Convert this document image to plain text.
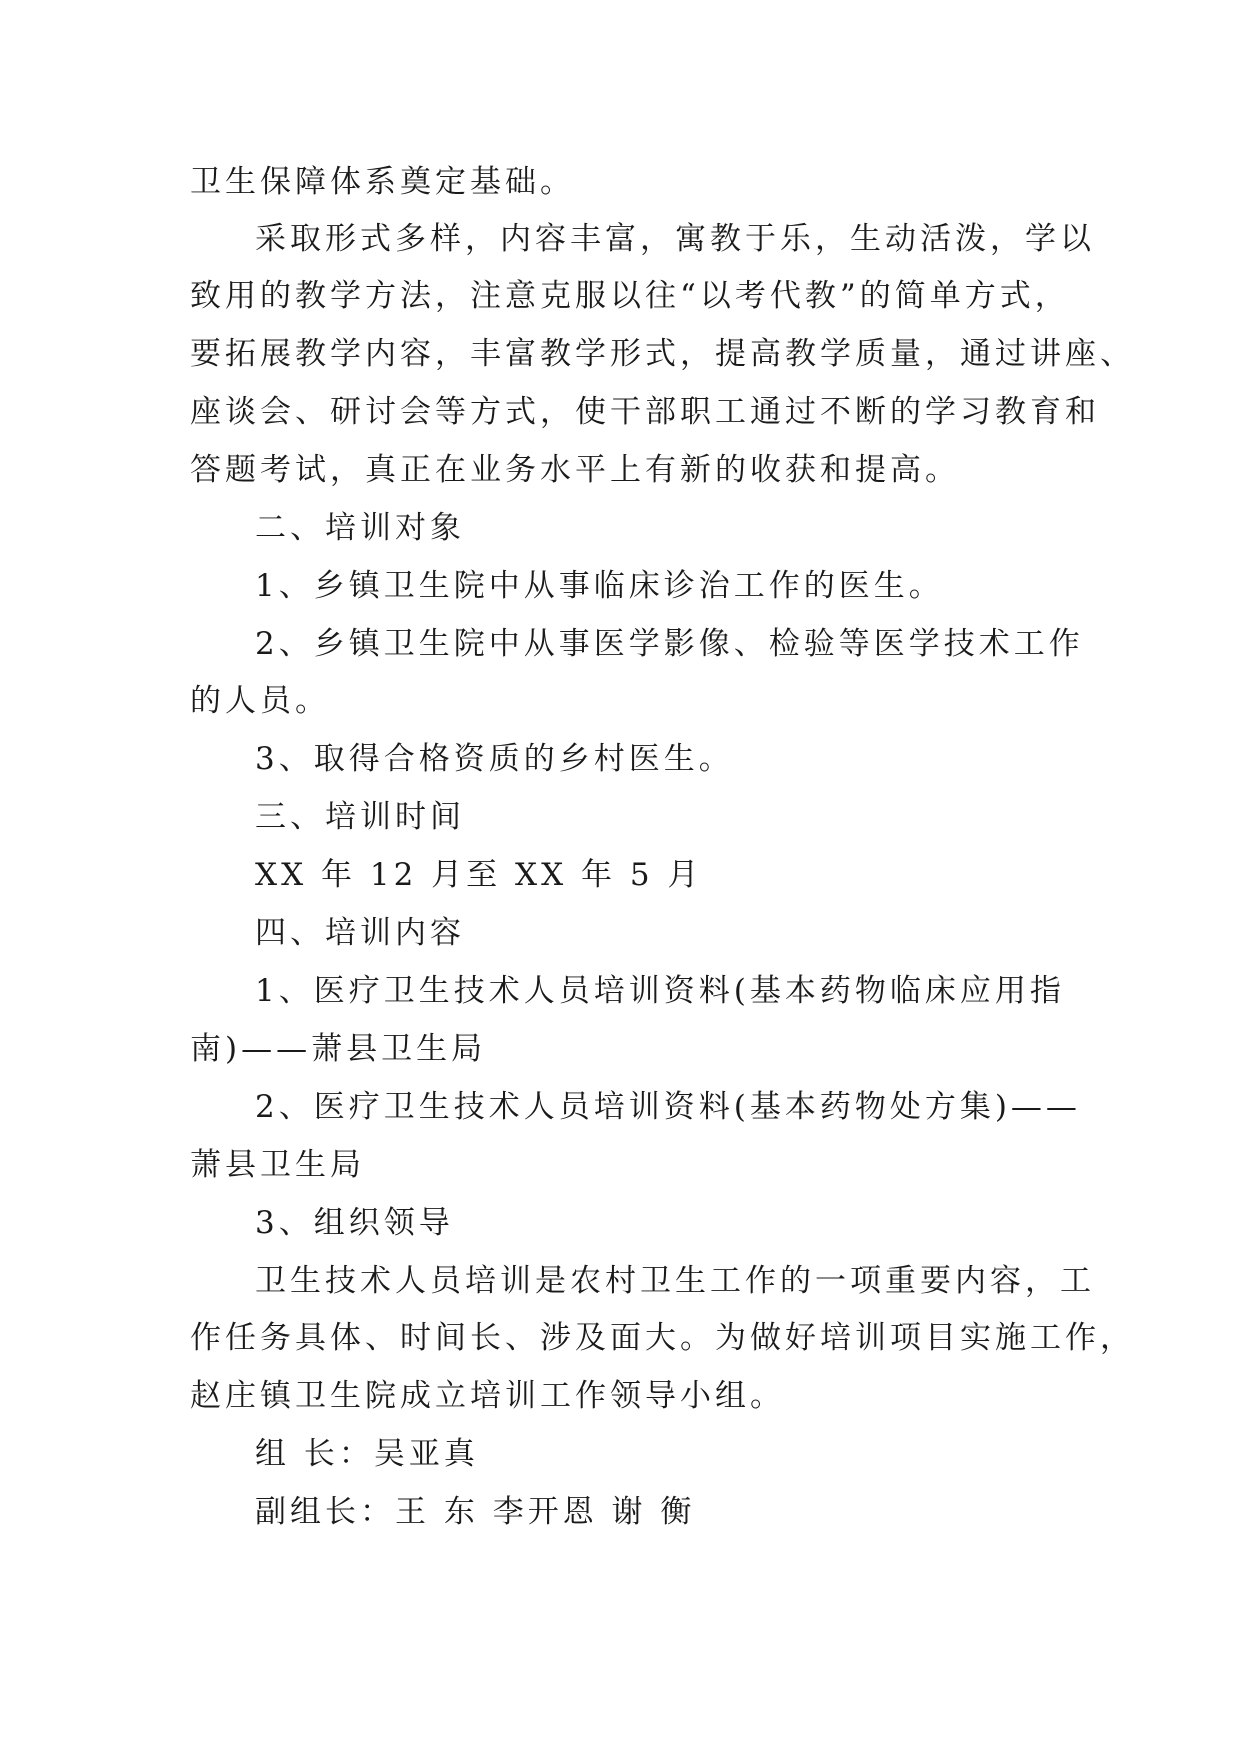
卫生保障体系奠定基础。
采取形式多样，内容丰富，寓教于乐，生动活泼，学以
致用的教学方法，注意克服以往“以考代教”的简单方式，
要拓展教学内容，丰富教学形式，提高教学质量，通过讲座、
座谈会、研讨会等方式，使干部职工通过不断的学习教育和
答题考试，真正在业务水平上有新的收获和提高。
二、培训对象
1、乡镇卫生院中从事临床诊治工作的医生。
2、乡镇卫生院中从事医学影像、检验等医学技术工作
的人员。
3、取得合格资质的乡村医生。
三、培训时间
XX 年 12 月至 XX 年 5 月
四、培训内容
1、医疗卫生技术人员培训资料(基本药物临床应用指
南)——萧县卫生局
2、医疗卫生技术人员培训资料(基本药物处方集)——
萧县卫生局
3、组织领导
卫生技术人员培训是农村卫生工作的一项重要内容，工
作任务具体、时间长、涉及面大。为做好培训项目实施工作，
赵庄镇卫生院成立培训工作领导小组。
组 长：吴亚真
副组长：王 东 李开恩 谢 衡
